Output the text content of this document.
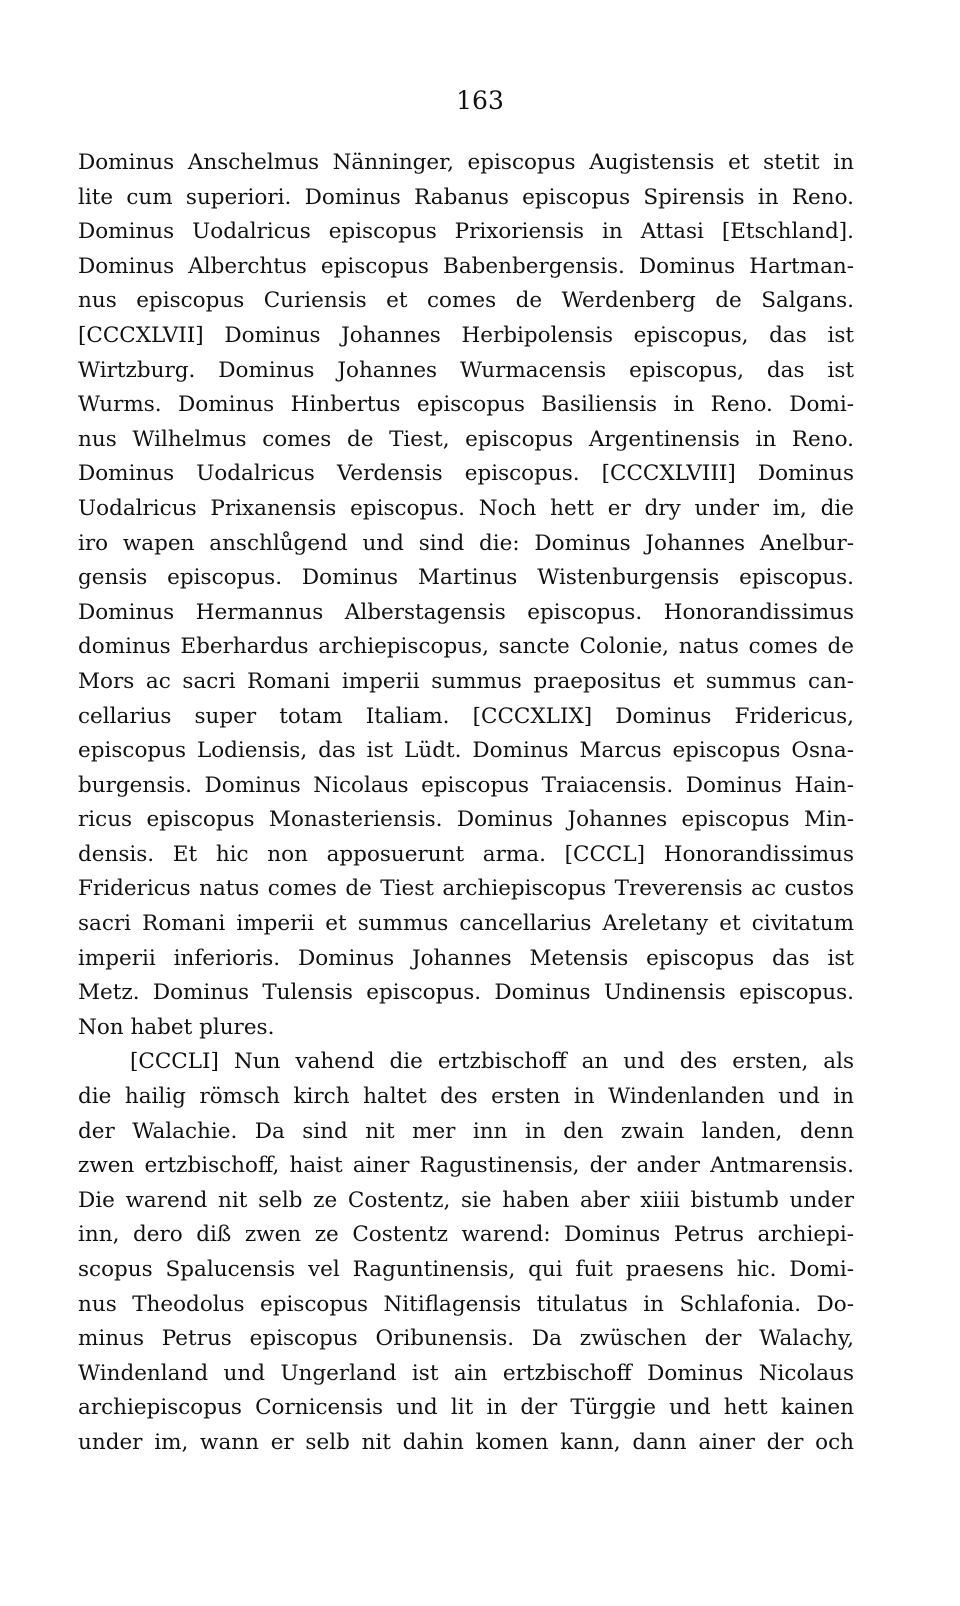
163
Dominus Anschelmus Nänninger, episcopus Augistensis et stetit in
lite cum superiori. Dominus Rabanus episcopus Spirensis in Reno.
Dominus Uodalricus episcopus Prixoriensis in Attasi [Etschland].
Dominus Alberchtus episcopus Babenbergensis. Dominus Hartman-
nus episcopus Curiensis et comes de Werdenberg de Salgans.
[CCCXLVII] Dominus Johannes Herbipolensis episcopus, das ist
Wirtzburg. Dominus Johannes Wurmacensis episcopus, das ist
Wurms. Dominus Hinbertus episcopus Basiliensis in Reno. Domi-
nus Wilhelmus comes de Tiest, episcopus Argentinensis in Reno.
Dominus Uodalricus Verdensis episcopus. [CCCXLVIII] Dominus
Uodalricus Prixanensis episcopus. Noch hett er dry under im, die
iro wapen anschlůgend und sind die: Dominus Johannes Anelbur-
gensis episcopus. Dominus Martinus Wistenburgensis episcopus.
Dominus Hermannus Alberstagensis episcopus. Honorandissimus
dominus Eberhardus archiepiscopus, sancte Colonie, natus comes de
Mors ac sacri Romani imperii summus praepositus et summus can-
cellarius super totam Italiam. [CCCXLIX] Dominus Fridericus,
episcopus Lodiensis, das ist Lüdt. Dominus Marcus episcopus Osna-
burgensis. Dominus Nicolaus episcopus Traiacensis. Dominus Hain-
ricus episcopus Monasteriensis. Dominus Johannes episcopus Min-
densis. Et hic non apposuerunt arma. [CCCL] Honorandissimus
Fridericus natus comes de Tiest archiepiscopus Treverensis ac custos
sacri Romani imperii et summus cancellarius Areletany et civitatum
imperii inferioris. Dominus Johannes Metensis episcopus das ist
Metz. Dominus Tulensis episcopus. Dominus Undinensis episcopus.
Non habet plures.
[CCCLI] Nun vahend die ertzbischoff an und des ersten, als
die hailig römsch kirch haltet des ersten in Windenlanden und in
der Walachie. Da sind nit mer inn in den zwain landen, denn
zwen ertzbischoff, haist ainer Ragustinensis, der ander Antmarensis.
Die warend nit selb ze Costentz, sie haben aber xiiii bistumb under
inn, dero diß zwen ze Costentz warend: Dominus Petrus archiepi-
scopus Spalucensis vel Raguntinensis, qui fuit praesens hic. Domi-
nus Theodolus episcopus Nitiflagensis titulatus in Schlafonia. Do-
minus Petrus episcopus Oribunensis. Da zwüschen der Walachy,
Windenland und Ungerland ist ain ertzbischoff Dominus Nicolaus
archiepiscopus Cornicensis und lit in der Türggie und hett kainen
under im, wann er selb nit dahin komen kann, dann ainer der och
